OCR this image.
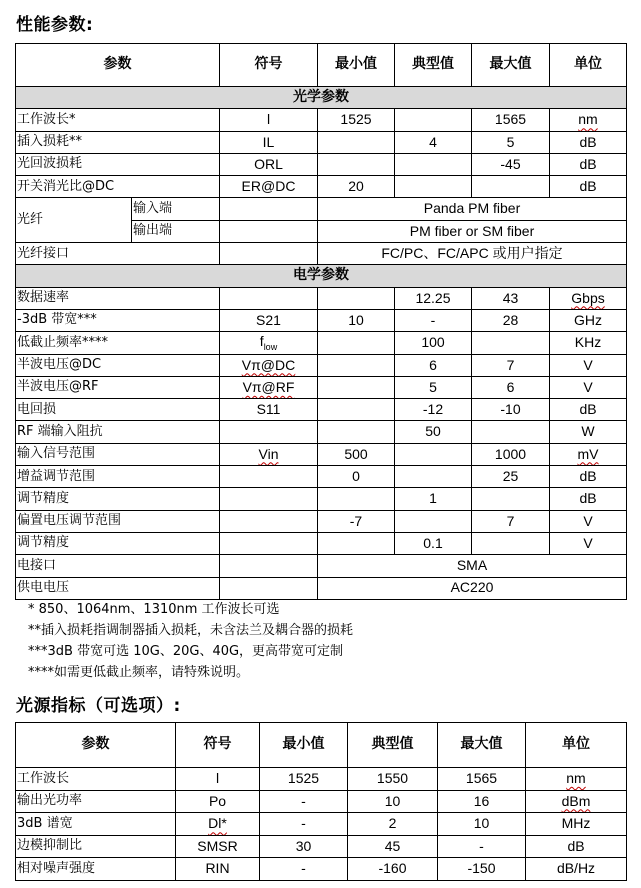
性能参数:
参数		符号	最小值	典型值	最大值	单位
光学参数						
工作波长*		l	1525		1565	nm
插入损耗**		IL		4	5	dB
光回波损耗		ORL			-45	dB
开关消光比@DC		ER@DC	20			dB
光纤	输入端		Panda PM fiber			
	输出端		PM fiber or SM fiber			
光纤接口			FC/PC、FC/APC 或用户指定			
电学参数						
数据速率				12.25	43	Gbps
-3dB 带宽***		S21	10	-	28	GHz
低截止频率****		$f_{low}$		100		KHz
半波电压@DC		Vπ@DC		6	7	V
半波电压@RF		Vπ@RF		5	6	V
电回损		S11		-12	-10	dB
RF 端输入阻抗				50		W
输入信号范围		Vin	500		1000	mV
增益调节范围			0		25	dB
调节精度				1		dB
偏置电压调节范围			-7		7	V
调节精度				0.1		V
电接口			SMA			
供电电压			AC220			
* 850、1064nm、1310nm 工作波长可选
**插入损耗指调制器插入损耗，未含法兰及耦合器的损耗
***3dB 带宽可选 10G、20G、40G，更高带宽可定制
****如需更低截止频率，请特殊说明。
光源指标（可选项）:
参数	符号	最小值	典型值	最大值	单位
工作波长	l	1525	1550	1565	nm
输出光功率	Po	-	10	16	dBm
3dB 谱宽	Dl*	-	2	10	MHz
边模抑制比	SMSR	30	45	-	dB
相对噪声强度	RIN	-	-160	-150	dB/Hz
